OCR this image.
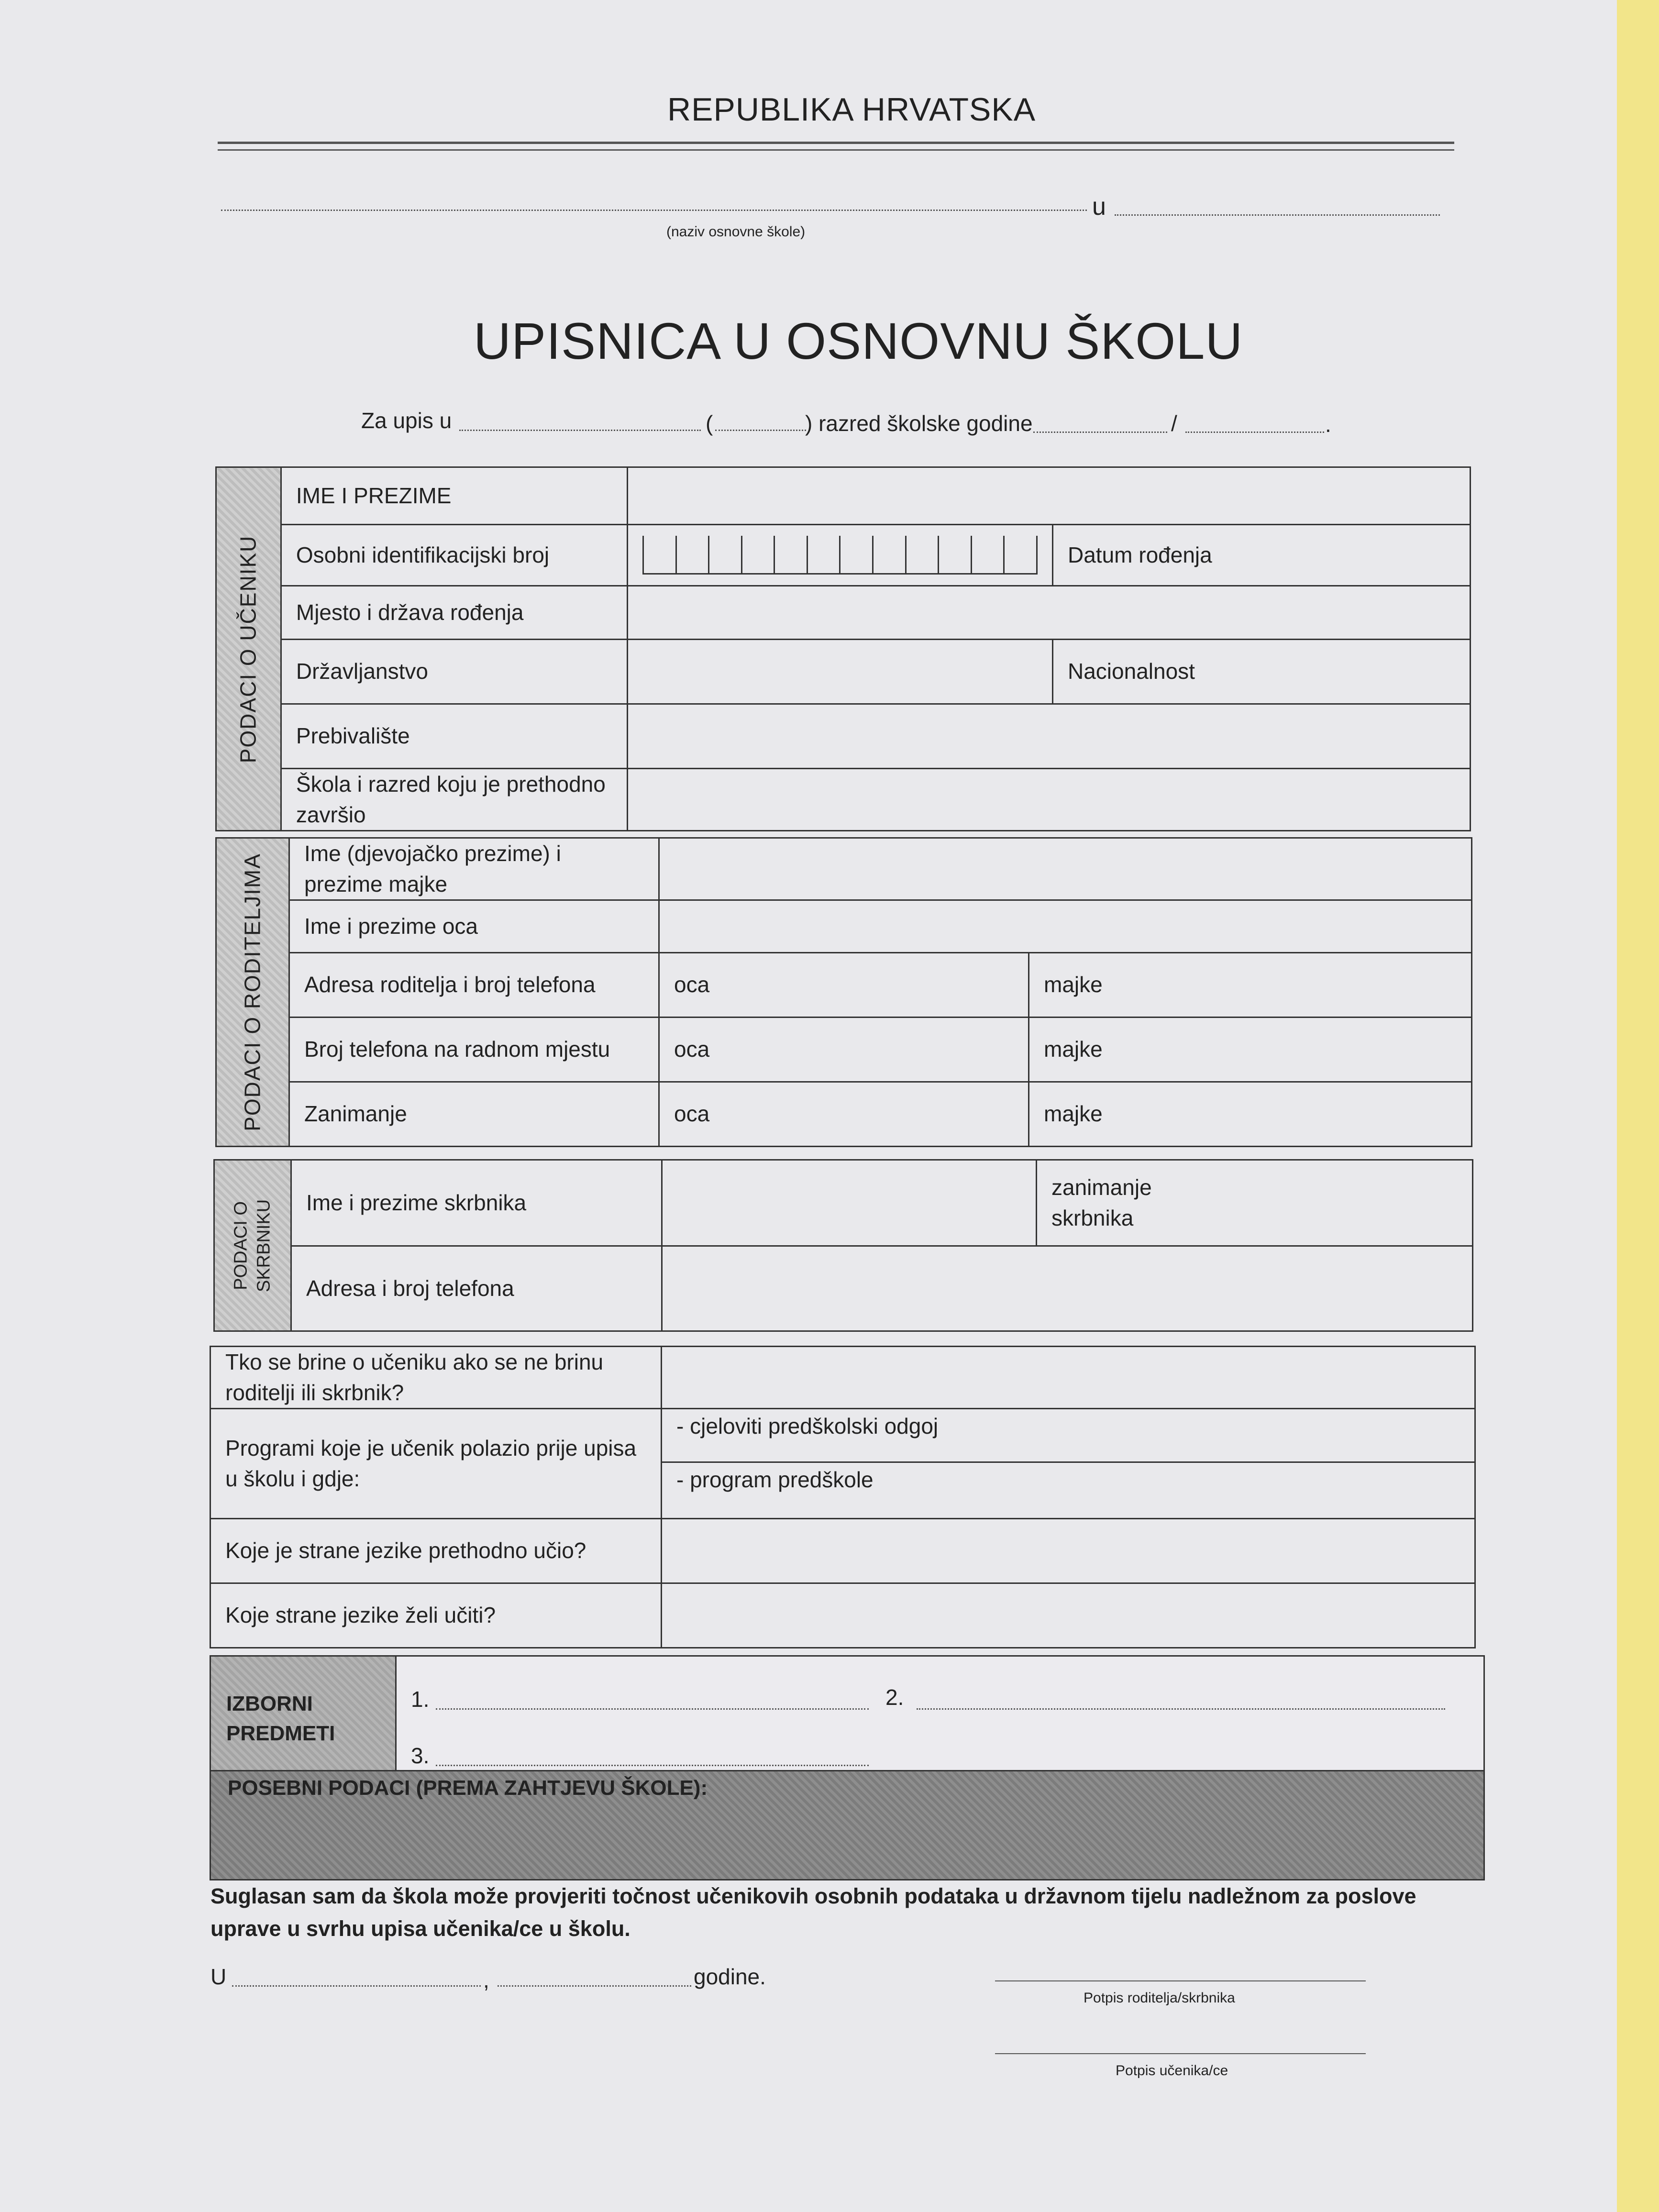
REPUBLIKA HRVATSKA
u
(naziv osnovne škole)
UPISNICA U OSNOVNU ŠKOLU
Za upis u	(	) razred školske godine	/	.
PODACI O UČENIKU	IME I PREZIME		
	Osobni identifikacijski broj		Datum rođenja
	Mjesto i država rođenja		
	Državljanstvo		Nacionalnost
	Prebivalište		
	Škola i razred koju je prethodno završio		
PODACI O RODITELJIMA	Ime (djevojačko prezime) i prezime majke		
	Ime i prezime oca		
	Adresa roditelja i broj telefona	oca	majke
	Broj telefona na radnom mjestu	oca	majke
	Zanimanje	oca	majke
PODACI O SKRBNIKU	Ime i prezime skrbnika		zanimanje skrbnika
	Adresa i broj telefona		
Tko se brine o učeniku ako se ne brinu roditelji ili skrbnik?	
Programi koje je učenik polazio prije upisa u školu i gdje:	- cjeloviti predškolski odgoj
	- program predškole
Koje je strane jezike prethodno učio?	
Koje strane jezike želi učiti?	
IZBORNI PREDMETI
1.	2.
3.
POSEBNI PODACI (PREMA ZAHTJEVU ŠKOLE):
Suglasan sam da škola može provjeriti točnost učenikovih osobnih podataka u državnom tijelu nadležnom za poslove uprave u svrhu upisa učenika/ce u školu.
U	,	godine.
Potpis roditelja/skrbnika
Potpis učenika/ce
